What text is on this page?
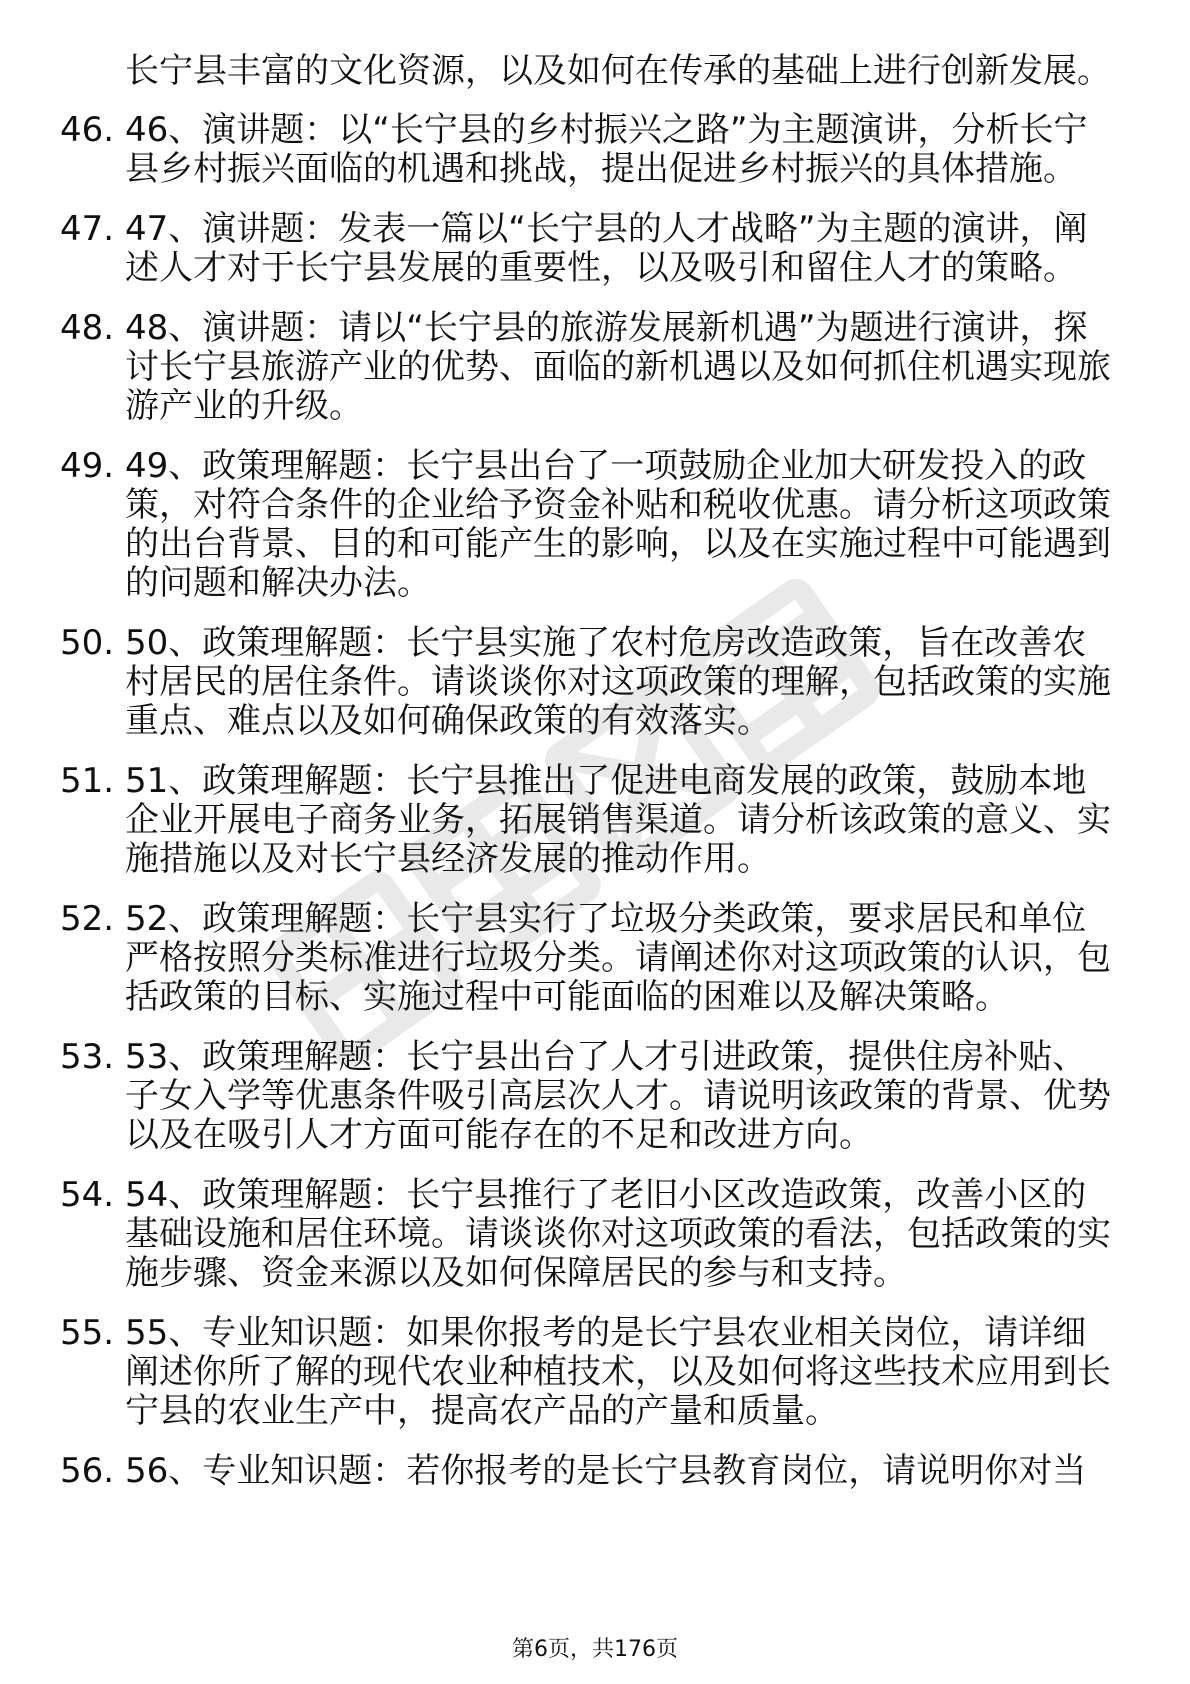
长宁县丰富的文化资源，以及如何在传承的基础上进行创新发展。
46. 46、演讲题：以“长宁县的乡村振兴之路”为主题演讲，分析长宁县乡村振兴面临的机遇和挑战，提出促进乡村振兴的具体措施。
47. 47、演讲题：发表一篇以“长宁县的人才战略”为主题的演讲，阐述人才对于长宁县发展的重要性，以及吸引和留住人才的策略。
48. 48、演讲题：请以“长宁县的旅游发展新机遇”为题进行演讲，探讨长宁县旅游产业的优势、面临的新机遇以及如何抓住机遇实现旅游产业的升级。
49. 49、政策理解题：长宁县出台了一项鼓励企业加大研发投入的政策，对符合条件的企业给予资金补贴和税收优惠。请分析这项政策的出台背景、目的和可能产生的影响，以及在实施过程中可能遇到的问题和解决办法。
50. 50、政策理解题：长宁县实施了农村危房改造政策，旨在改善农村居民的居住条件。请谈谈你对这项政策的理解，包括政策的实施重点、难点以及如何确保政策的有效落实。
51. 51、政策理解题：长宁县推出了促进电商发展的政策，鼓励本地企业开展电子商务业务，拓展销售渠道。请分析该政策的意义、实施措施以及对长宁县经济发展的推动作用。
52. 52、政策理解题：长宁县实行了垃圾分类政策，要求居民和单位严格按照分类标准进行垃圾分类。请阐述你对这项政策的认识，包括政策的目标、实施过程中可能面临的困难以及解决策略。
53. 53、政策理解题：长宁县出台了人才引进政策，提供住房补贴、子女入学等优惠条件吸引高层次人才。请说明该政策的背景、优势以及在吸引人才方面可能存在的不足和改进方向。
54. 54、政策理解题：长宁县推行了老旧小区改造政策，改善小区的基础设施和居住环境。请谈谈你对这项政策的看法，包括政策的实施步骤、资金来源以及如何保障居民的参与和支持。
55. 55、专业知识题：如果你报考的是长宁县农业相关岗位，请详细阐述你所了解的现代农业种植技术，以及如何将这些技术应用到长宁县的农业生产中，提高农产品的产量和质量。
56. 56、专业知识题：若你报考的是长宁县教育岗位，请说明你对当
第6页，共176页
